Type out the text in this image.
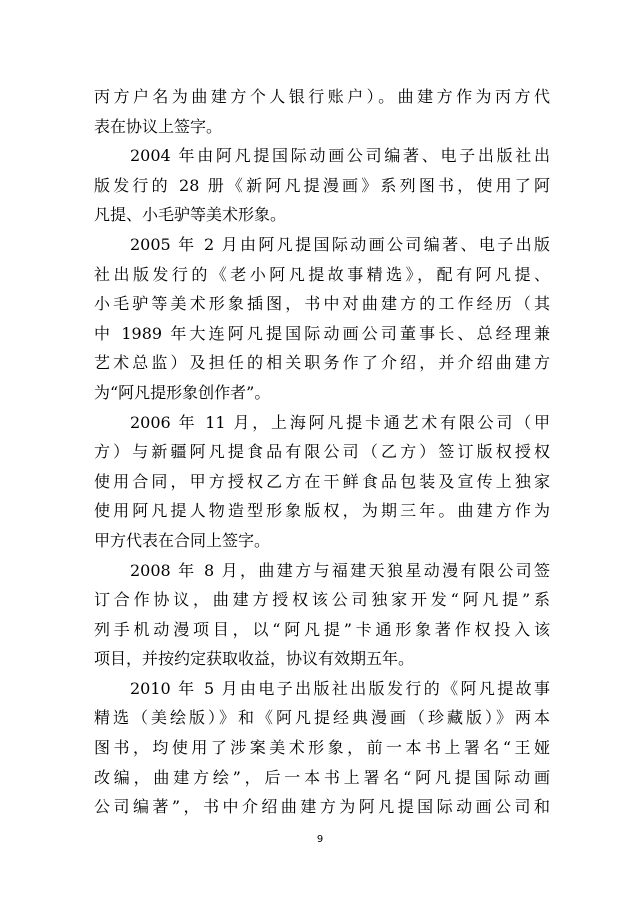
丙方户名为曲建方个人银行账户）。曲建方作为丙方代
表在协议上签字。
2004 年由阿凡提国际动画公司编著、电子出版社出
版发行的 28 册《新阿凡提漫画》系列图书，使用了阿
凡提、小毛驴等美术形象。
2005 年 2 月由阿凡提国际动画公司编著、电子出版
社出版发行的《老小阿凡提故事精选》，配有阿凡提、
小毛驴等美术形象插图，书中对曲建方的工作经历（其
中 1989 年大连阿凡提国际动画公司董事长、总经理兼
艺术总监）及担任的相关职务作了介绍，并介绍曲建方
为“阿凡提形象创作者”。
2006 年 11 月，上海阿凡提卡通艺术有限公司（甲
方）与新疆阿凡提食品有限公司（乙方）签订版权授权
使用合同，甲方授权乙方在干鲜食品包装及宣传上独家
使用阿凡提人物造型形象版权，为期三年。曲建方作为
甲方代表在合同上签字。
2008 年 8 月，曲建方与福建天狼星动漫有限公司签
订合作协议，曲建方授权该公司独家开发“阿凡提”系
列手机动漫项目，以“阿凡提”卡通形象著作权投入该
项目，并按约定获取收益，协议有效期五年。
2010 年 5 月由电子出版社出版发行的《阿凡提故事
精选（美绘版）》和《阿凡提经典漫画（珍藏版）》两本
图书，均使用了涉案美术形象，前一本书上署名“王娅
改编，曲建方绘”，后一本书上署名“阿凡提国际动画
公司编著”，书中介绍曲建方为阿凡提国际动画公司和
9
